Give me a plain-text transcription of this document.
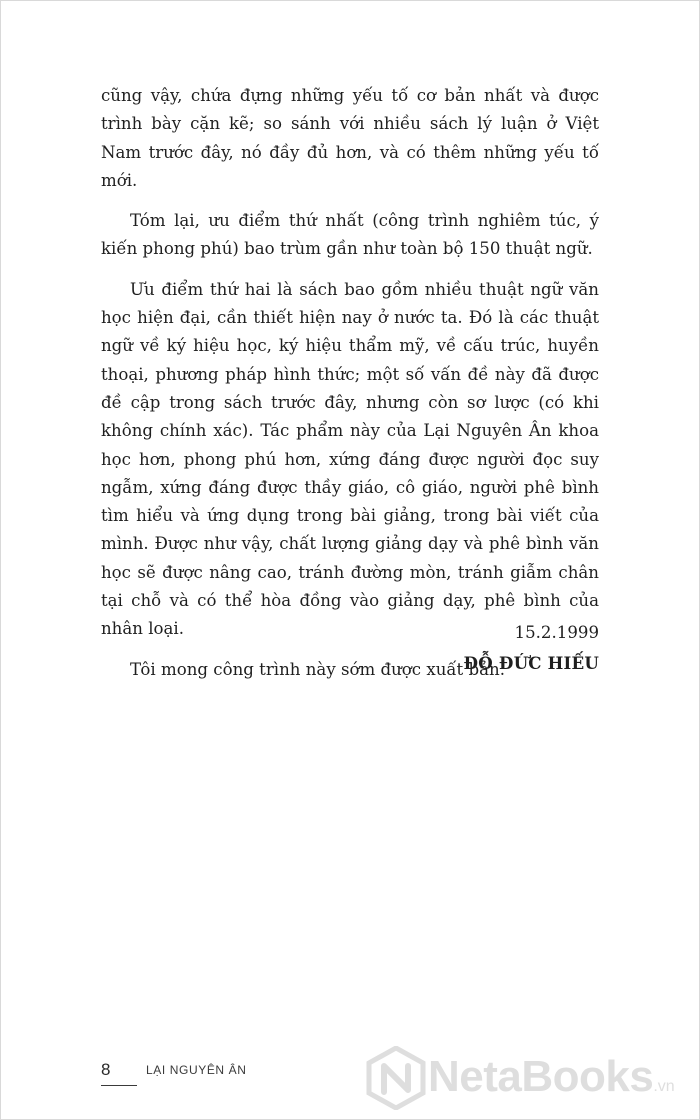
cũng vậy, chứa đựng những yếu tố cơ bản nhất và được trình bày cặn kẽ; so sánh với nhiều sách lý luận ở Việt Nam trước đây, nó đầy đủ hơn, và có thêm những yếu tố mới.

Tóm lại, ưu điểm thứ nhất (công trình nghiêm túc, ý kiến phong phú) bao trùm gần như toàn bộ 150 thuật ngữ.

Ưu điểm thứ hai là sách bao gồm nhiều thuật ngữ văn học hiện đại, cần thiết hiện nay ở nước ta. Đó là các thuật ngữ về ký hiệu học, ký hiệu thẩm mỹ, về cấu trúc, huyền thoại, phương pháp hình thức; một số vấn đề này đã được đề cập trong sách trước đây, nhưng còn sơ lược (có khi không chính xác). Tác phẩm này của Lại Nguyên Ân khoa học hơn, phong phú hơn, xứng đáng được người đọc suy ngẫm, xứng đáng được thầy giáo, cô giáo, người phê bình tìm hiểu và ứng dụng trong bài giảng, trong bài viết của mình. Được như vậy, chất lượng giảng dạy và phê bình văn học sẽ được nâng cao, tránh đường mòn, tránh giẫm chân tại chỗ và có thể hòa đồng vào giảng dạy, phê bình của nhân loại.

Tôi mong công trình này sớm được xuất bản.

15.2.1999
ĐỖ ĐỨC HIẾU
8	LẠI NGUYÊN ÂN	NetaBooks.vn
